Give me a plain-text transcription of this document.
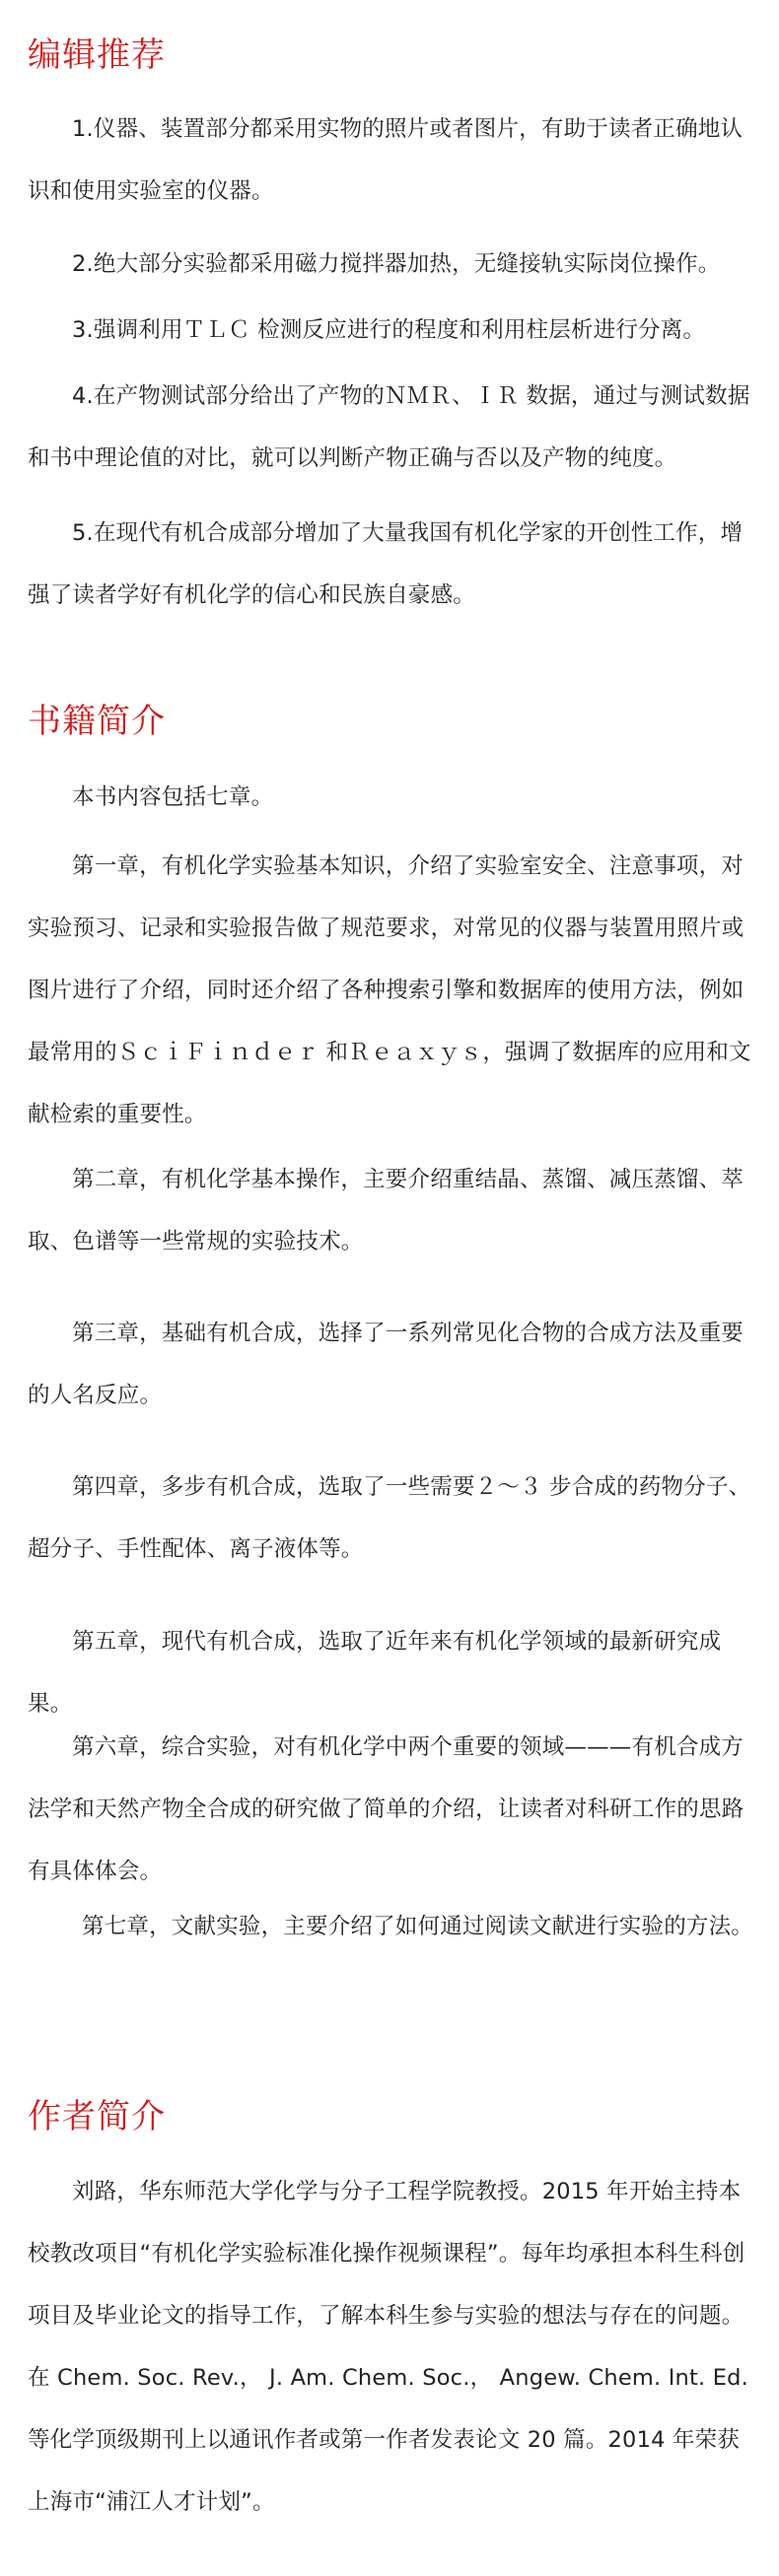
编辑推荐

1.仪器、装置部分都采用实物的照片或者图片，有助于读者正确地认识和使用实验室的仪器。

2.绝大部分实验都采用磁力搅拌器加热，无缝接轨实际岗位操作。

3.强调利用ＴＬＣ 检测反应进行的程度和利用柱层析进行分离。

4.在产物测试部分给出了产物的ＮＭＲ、ＩＲ 数据，通过与测试数据和书中理论值的对比，就可以判断产物正确与否以及产物的纯度。

5.在现代有机合成部分增加了大量我国有机化学家的开创性工作，增强了读者学好有机化学的信心和民族自豪感。

书籍简介

本书内容包括七章。

第一章，有机化学实验基本知识，介绍了实验室安全、注意事项，对实验预习、记录和实验报告做了规范要求，对常见的仪器与装置用照片或图片进行了介绍，同时还介绍了各种搜索引擎和数据库的使用方法，例如最常用的ＳｃｉＦｉｎｄｅｒ 和Ｒｅａｘｙｓ，强调了数据库的应用和文献检索的重要性。

第二章，有机化学基本操作，主要介绍重结晶、蒸馏、减压蒸馏、萃取、色谱等一些常规的实验技术。

第三章，基础有机合成，选择了一系列常见化合物的合成方法及重要的人名反应。

第四章，多步有机合成，选取了一些需要２～３ 步合成的药物分子、超分子、手性配体、离子液体等。

第五章，现代有机合成，选取了近年来有机化学领域的最新研究成果。

第六章，综合实验，对有机化学中两个重要的领域———有机合成方法学和天然产物全合成的研究做了简单的介绍，让读者对科研工作的思路有具体体会。

第七章，文献实验，主要介绍了如何通过阅读文献进行实验的方法。

作者简介

刘路，华东师范大学化学与分子工程学院教授。2015 年开始主持本校教改项目“有机化学实验标准化操作视频课程”。每年均承担本科生科创项目及毕业论文的指导工作，了解本科生参与实验的想法与存在的问题。在 Chem. Soc. Rev.， J. Am. Chem. Soc.， Angew. Chem. Int. Ed.等化学顶级期刊上以通讯作者或第一作者发表论文 20 篇。2014 年荣获上海市“浦江人才计划”。
